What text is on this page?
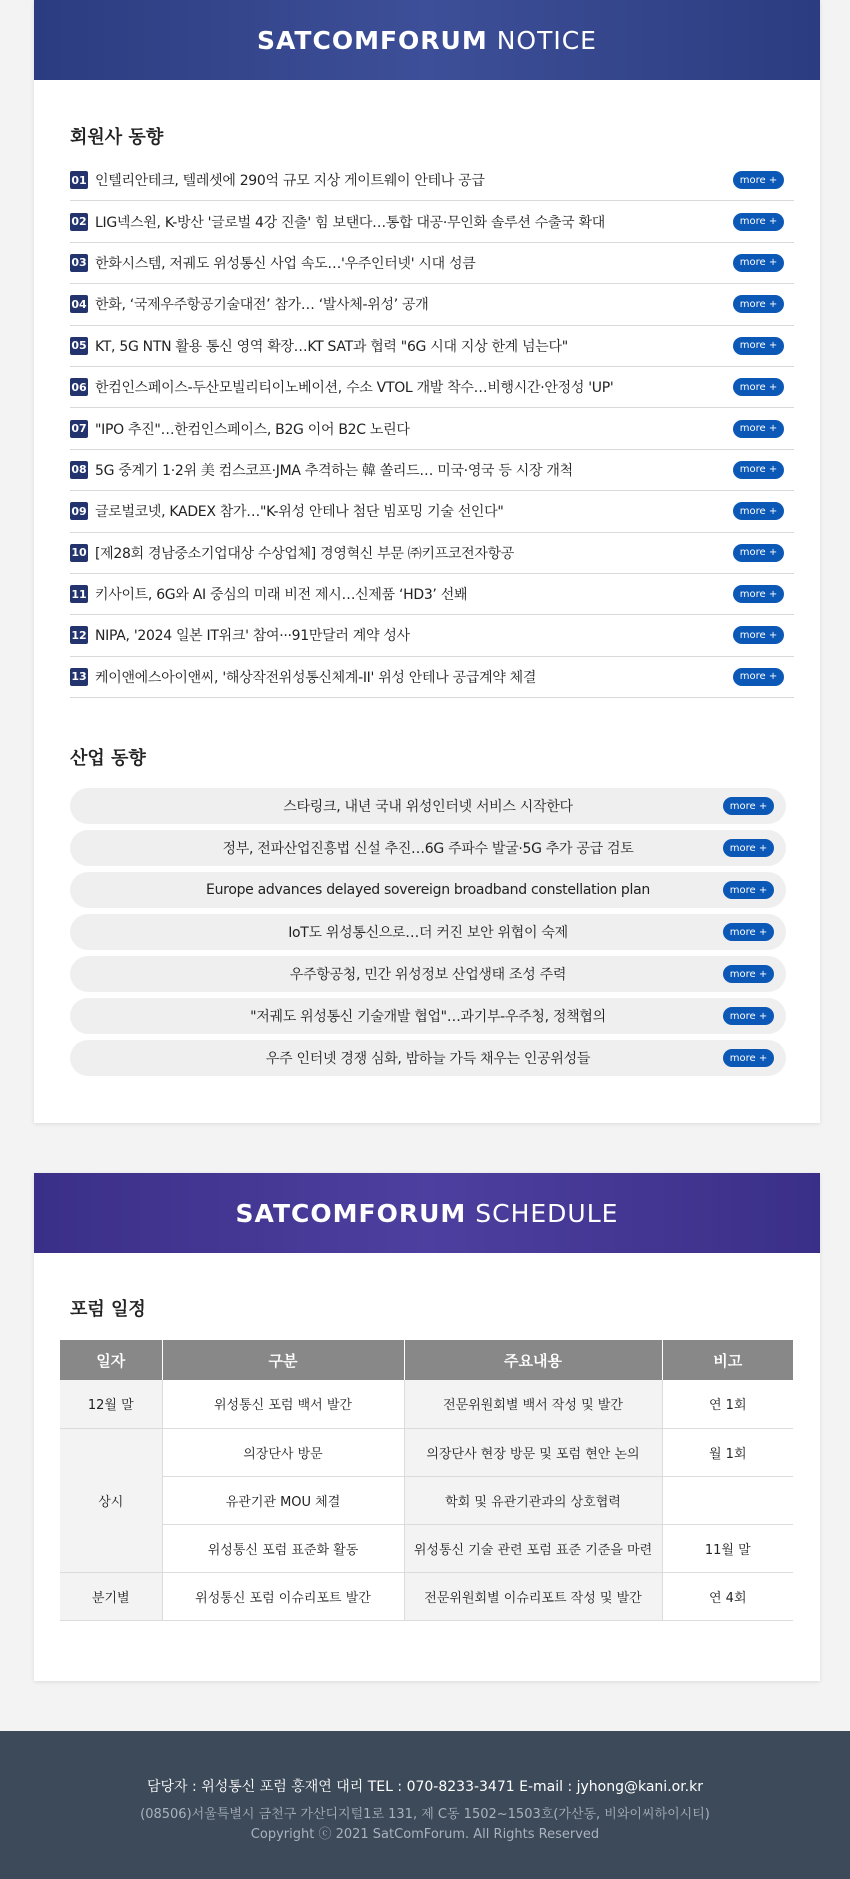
SATCOMFORUM NOTICE
회원사 동향
01 인텔리안테크, 텔레셋에 290억 규모 지상 게이트웨이 안테나 공급	more +
02 LIG넥스원, K-방산 '글로벌 4강 진출' 힘 보탠다…통합 대공·무인화 솔루션 수출국 확대	more +
03 한화시스템, 저궤도 위성통신 사업 속도…'우주인터넷' 시대 성큼	more +
04 한화, ‘국제우주항공기술대전’ 참가… ‘발사체-위성’ 공개	more +
05 KT, 5G NTN 활용 통신 영역 확장…KT SAT과 협력 "6G 시대 지상 한계 넘는다"	more +
06 한컴인스페이스-두산모빌리티이노베이션, 수소 VTOL 개발 착수…비행시간·안정성 'UP'	more +
07 "IPO 추진"…한컴인스페이스, B2G 이어 B2C 노린다	more +
08 5G 중계기 1·2위 美 컴스코프·JMA 추격하는 韓 쏠리드… 미국·영국 등 시장 개척	more +
09 글로벌코넷, KADEX 참가…"K-위성 안테나 첨단 빔포밍 기술 선인다"	more +
10 [제28회 경남중소기업대상 수상업체] 경영혁신 부문 ㈜키프코전자항공	more +
11 키사이트, 6G와 AI 중심의 미래 비전 제시…신제품 ‘HD3’ 선봬	more +
12 NIPA, '2024 일본 IT위크' 참여···91만달러 계약 성사	more +
13 케이앤에스아이앤씨, '해상작전위성통신체계-II' 위성 안테나 공급계약 체결	more +
산업 동향
스타링크, 내년 국내 위성인터넷 서비스 시작한다	more +
정부, 전파산업진흥법 신설 추진…6G 주파수 발굴·5G 추가 공급 검토	more +
Europe advances delayed sovereign broadband constellation plan	more +
IoT도 위성통신으로…더 커진 보안 위협이 숙제	more +
우주항공청, 민간 위성정보 산업생태 조성 주력	more +
"저궤도 위성통신 기술개발 협업"…과기부-우주청, 정책협의	more +
우주 인터넷 경쟁 심화, 밤하늘 가득 채우는 인공위성들	more +
SATCOMFORUM SCHEDULE
포럼 일정
일자	구분	주요내용	비고
12월 말	위성통신 포럼 백서 발간	전문위원회별 백서 작성 및 발간	연 1회
상시	의장단사 방문	의장단사 현장 방문 및 포럼 현안 논의	월 1회
	유관기관 MOU 체결	학회 및 유관기관과의 상호협력	
	위성통신 포럼 표준화 활동	위성통신 기술 관련 포럼 표준 기준을 마련	11월 말
분기별	위성통신 포럼 이슈리포트 발간	전문위원회별 이슈리포트 작성 및 발간	연 4회
담당자 : 위성통신 포럼 홍재연 대리 TEL : 070-8233-3471 E-mail : jyhong@kani.or.kr
(08506)서울특별시 금천구 가산디지털1로 131, 제 C동 1502~1503호(가산동, 비와이씨하이시티)
Copyright ⓒ 2021 SatComForum. All Rights Reserved
